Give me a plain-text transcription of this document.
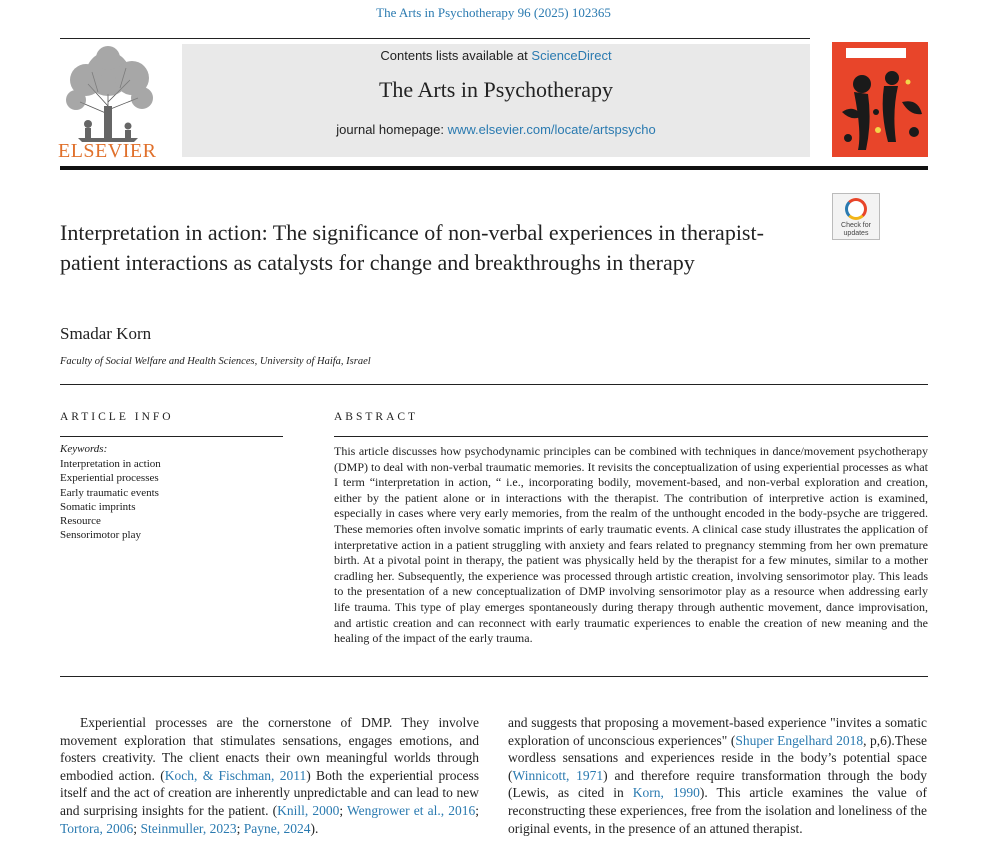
The Arts in Psychotherapy 96 (2025) 102365
ELSEVIER
Contents lists available at ScienceDirect
The Arts in Psychotherapy
journal homepage: www.elsevier.com/locate/artspsycho
Check for updates
Interpretation in action: The significance of non-verbal experiences in therapist-patient interactions as catalysts for change and breakthroughs in therapy
Smadar Korn
Faculty of Social Welfare and Health Sciences, University of Haifa, Israel
ARTICLE INFO
Keywords:
Interpretation in action
Experiential processes
Early traumatic events
Somatic imprints
Resource
Sensorimotor play
ABSTRACT

This article discusses how psychodynamic principles can be combined with techniques in dance/movement psychotherapy (DMP) to deal with non-verbal traumatic memories. It revisits the conceptualization of using experiential processes as what I term “interpretation in action, “ i.e., incorporating bodily, movement-based, and non-verbal exploration and creation, either by the patient alone or in interactions with the therapist. The contribution of interpretive action is examined, especially in cases where very early memories, from the realm of the unthought encoded in the body-psyche are triggered. These memories often involve somatic imprints of early traumatic events. A clinical case study illustrates the application of interpretative action in a patient struggling with anxiety and fears related to pregnancy stemming from her own premature birth. At a pivotal point in therapy, the patient was physically held by the therapist for a few minutes, similar to a mother cradling her. Subsequently, the experience was processed through artistic creation, involving sensorimotor play. This leads to the presentation of a new conceptualization of DMP involving sensorimotor play as a resource when addressing early life trauma. This type of play emerges spontaneously during therapy through authentic movement, dance improvisation, and artistic creation and can reconnect with early traumatic experiences to enable the creation of new meaning and the healing of the impact of the early trauma.

Experiential processes are the cornerstone of DMP. They involve movement exploration that stimulates sensations, engages emotions, and fosters creativity. The client enacts their own meaningful worlds through embodied action. (Koch, & Fischman, 2011) Both the experiential process itself and the act of creation are inherently unpredictable and can lead to new and surprising insights for the patient. (Knill, 2000; Wengrower et al., 2016; Tortora, 2006; Steinmuller, 2023; Payne, 2024).

and suggests that proposing a movement-based experience "invites a somatic exploration of unconscious experiences" (Shuper Engelhard 2018, p,6).These wordless sensations and experiences reside in the body’s potential space (Winnicott, 1971) and therefore require transformation through the body (Lewis, as cited in Korn, 1990). This article examines the value of reconstructing these experiences, free from the isolation and loneliness of the original events, in the presence of an attuned therapist.
